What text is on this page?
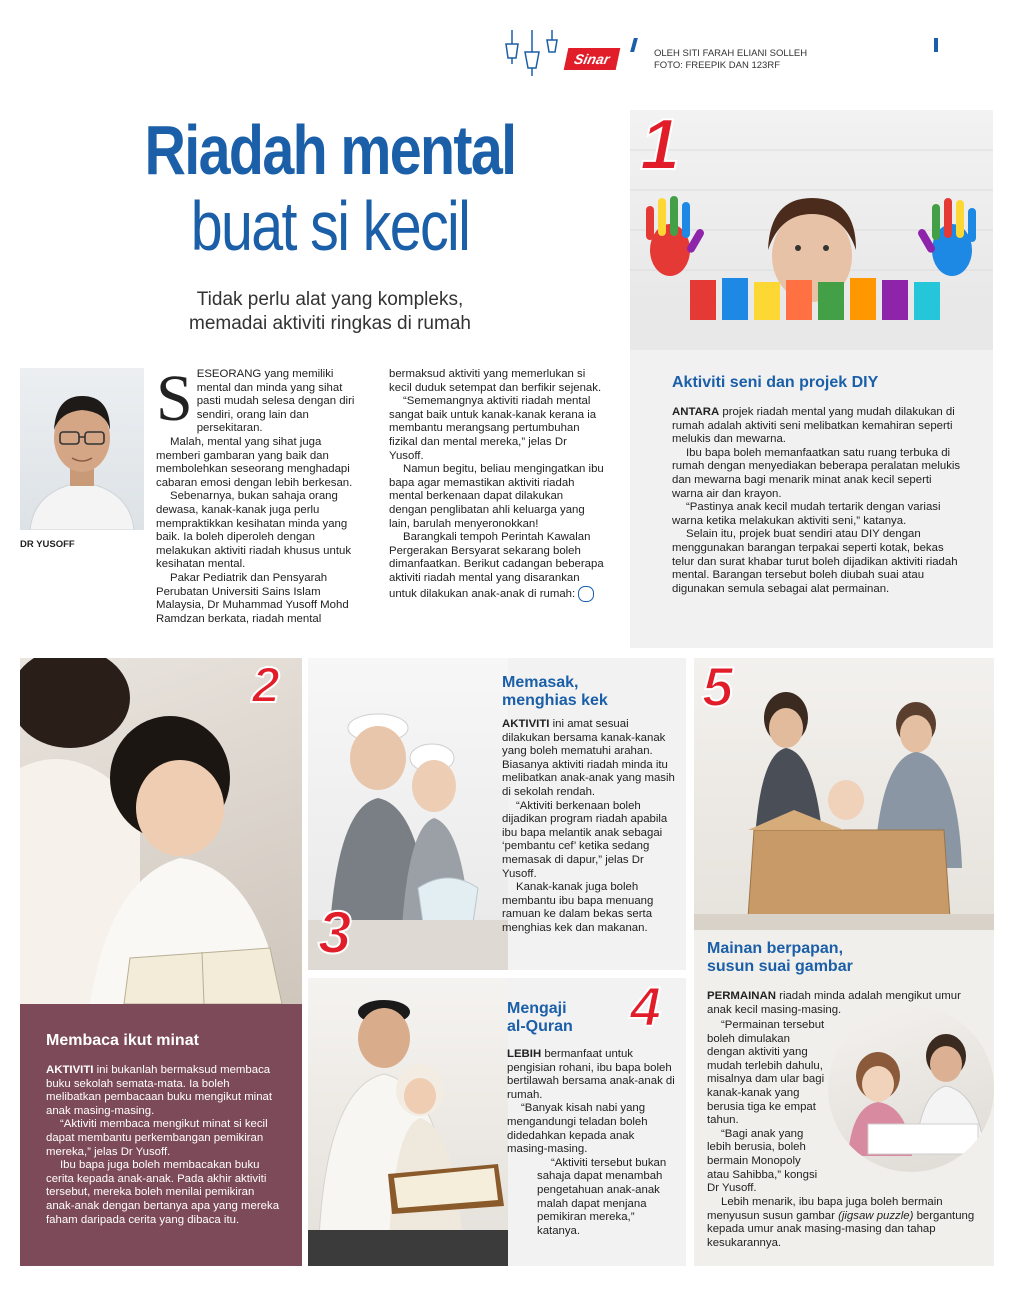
Sinar	OLEH SITI FARAH ELIANI SOLLEH
FOTO: FREEPIK DAN 123RF
Riadah mental
buat si kecil
Tidak perlu alat yang kompleks,
memadai aktiviti ringkas di rumah
DR YUSOFF
S ESEORANG yang memiliki mental dan minda yang sihat pasti mudah selesa dengan diri sendiri, orang lain dan persekitaran.

Malah, mental yang sihat juga memberi gambaran yang baik dan membolehkan seseorang menghadapi cabaran emosi dengan lebih berkesan.

Sebenarnya, bukan sahaja orang dewasa, kanak-kanak juga perlu mempraktikkan kesihatan minda yang baik. Ia boleh diperoleh dengan melakukan aktiviti riadah khusus untuk kesihatan mental.

Pakar Pediatrik dan Pensyarah Perubatan Universiti Sains Islam Malaysia, Dr Muhammad Yusoff Mohd Ramdzan berkata, riadah mental

bermaksud aktiviti yang memerlukan si kecil duduk setempat dan berfikir sejenak.

“Sememangnya aktiviti riadah mental sangat baik untuk kanak-kanak kerana ia membantu merangsang pertumbuhan fizikal dan mental mereka,” jelas Dr Yusoff.

Namun begitu, beliau mengingatkan ibu bapa agar memastikan aktiviti riadah mental berkenaan dapat dilakukan dengan penglibatan ahli keluarga yang lain, barulah menyeronokkan!

Barangkali tempoh Perintah Kawalan Pergerakan Bersyarat sekarang boleh dimanfaatkan. Berikut cadangan beberapa aktiviti riadah mental yang disarankan untuk dilakukan anak-anak di rumah:

1
Aktiviti seni dan projek DIY

ANTARA projek riadah mental yang mudah dilakukan di rumah adalah aktiviti seni melibatkan kemahiran seperti melukis dan mewarna.

Ibu bapa boleh memanfaatkan satu ruang terbuka di rumah dengan menyediakan beberapa peralatan melukis dan mewarna bagi menarik minat anak kecil seperti warna air dan krayon.

“Pastinya anak kecil mudah tertarik dengan variasi warna ketika melakukan aktiviti seni,” katanya.

Selain itu, projek buat sendiri atau DIY dengan menggunakan barangan terpakai seperti kotak, bekas telur dan surat khabar turut boleh dijadikan aktiviti riadah mental. Barangan tersebut boleh diubah suai atau digunakan semula sebagai alat permainan.

2
Membaca ikut minat

AKTIVITI ini bukanlah bermaksud membaca buku sekolah semata-mata. Ia boleh melibatkan pembacaan buku mengikut minat anak masing-masing.

“Aktiviti membaca mengikut minat si kecil dapat membantu perkembangan pemikiran mereka,” jelas Dr Yusoff.

Ibu bapa juga boleh membacakan buku cerita kepada anak-anak. Pada akhir aktiviti tersebut, mereka boleh menilai pemikiran anak-anak dengan bertanya apa yang mereka faham daripada cerita yang dibaca itu.

3
Memasak,
menghias kek

AKTIVITI ini amat sesuai dilakukan bersama kanak-kanak yang boleh mematuhi arahan. Biasanya aktiviti riadah minda itu melibatkan anak-anak yang masih di sekolah rendah.

“Aktiviti berkenaan boleh dijadikan program riadah apabila ibu bapa melantik anak sebagai ‘pembantu cef’ ketika sedang memasak di dapur,” jelas Dr Yusoff.

Kanak-kanak juga boleh membantu ibu bapa menuang ramuan ke dalam bekas serta menghias kek dan makanan.

Mengaji
al-Quran 4

LEBIH bermanfaat untuk pengisian rohani, ibu bapa boleh bertilawah bersama anak-anak di rumah.

“Banyak kisah nabi yang mengandungi teladan boleh didedahkan kepada anak masing-masing.

“Aktiviti tersebut bukan sahaja dapat menambah pengetahuan anak-anak malah dapat menjana pemikiran mereka,” katanya.

5
Mainan berpapan,
susun suai gambar

PERMAINAN riadah minda adalah mengikut umur anak kecil masing-masing.

“Permainan tersebut boleh dimulakan dengan aktiviti yang mudah terlebih dahulu, misalnya dam ular bagi kanak-kanak yang berusia tiga ke empat tahun.

“Bagi anak yang lebih berusia, boleh bermain Monopoly atau Sahibba,” kongsi Dr Yusoff.

Lebih menarik, ibu bapa juga boleh bermain menyusun susun gambar (jigsaw puzzle) bergantung kepada umur anak masing-masing dan tahap kesukarannya.
